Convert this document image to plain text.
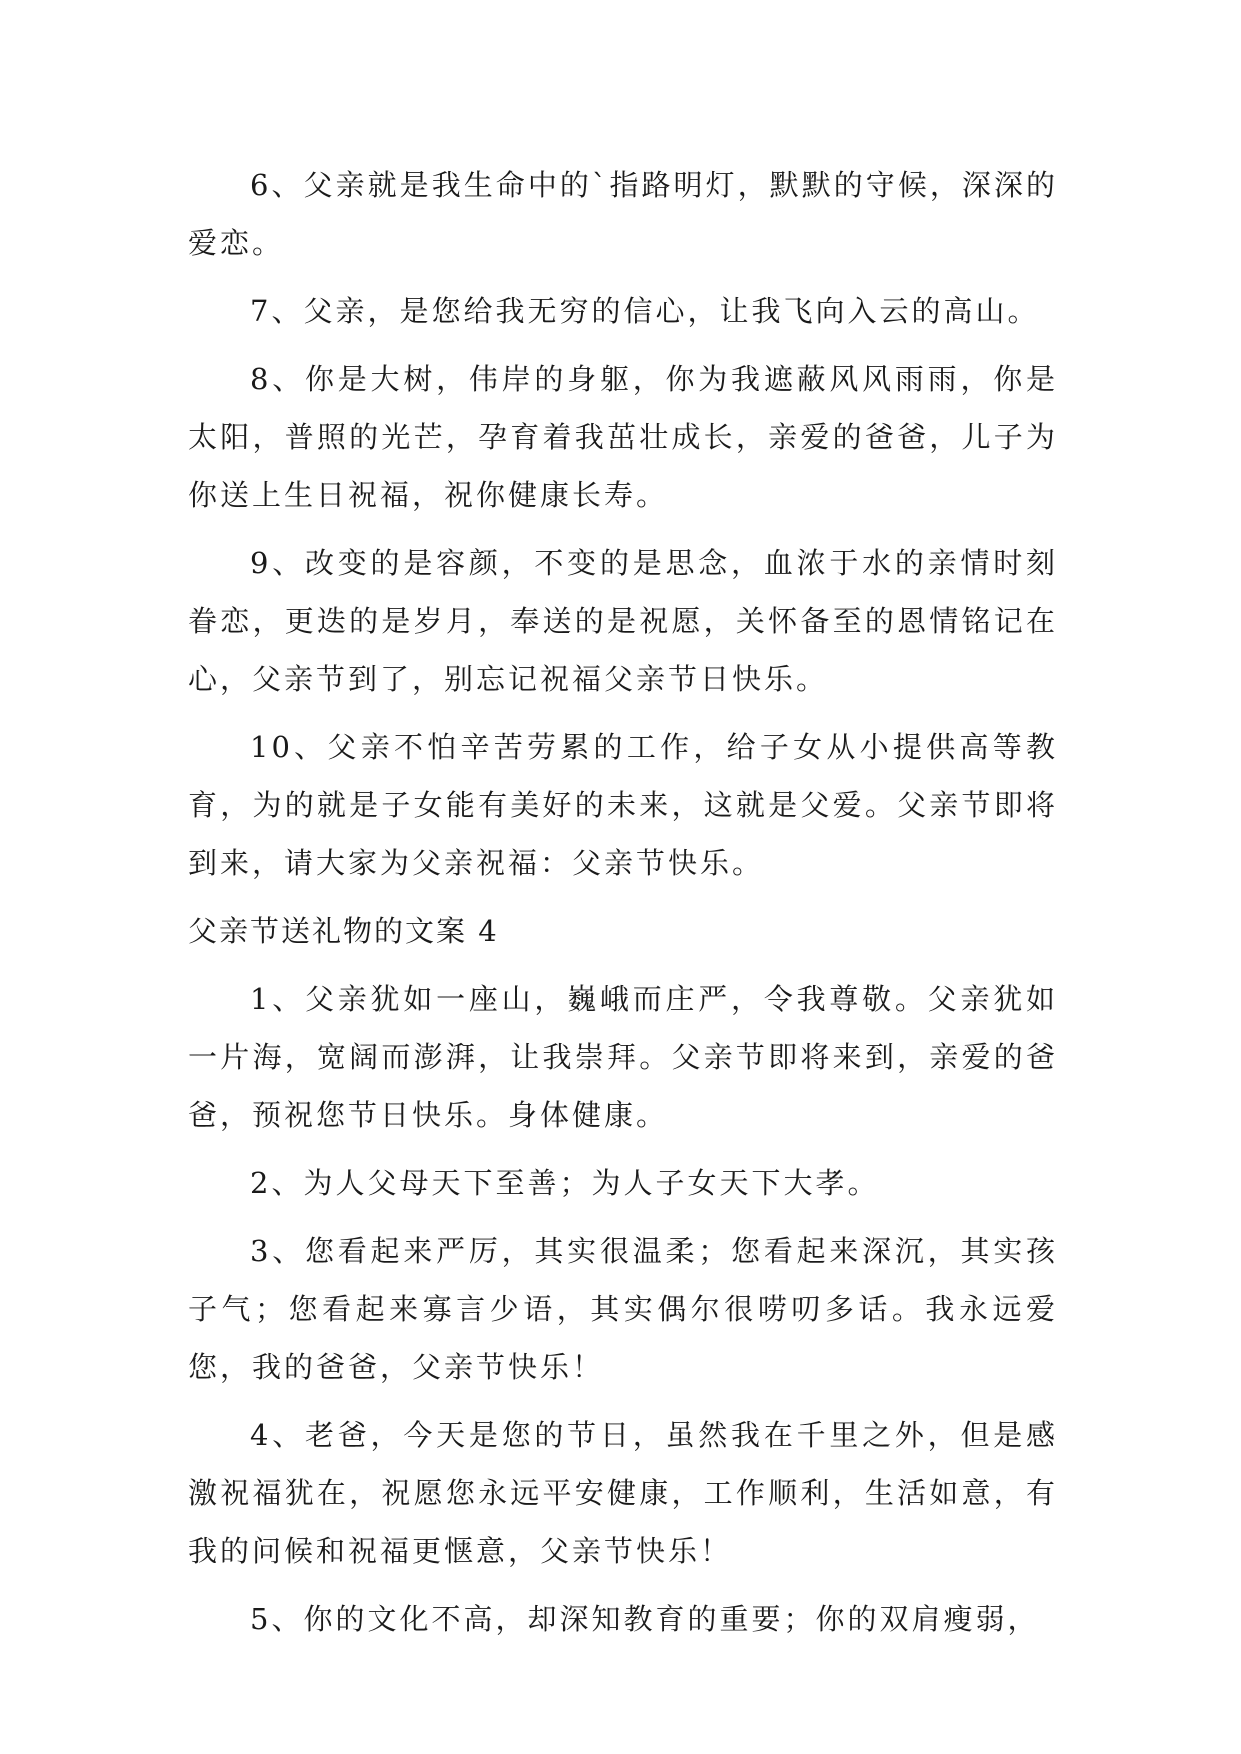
6、父亲就是我生命中的`指路明灯，默默的守候，深深的爱恋。

7、父亲，是您给我无穷的信心，让我飞向入云的高山。

8、你是大树，伟岸的身躯，你为我遮蔽风风雨雨，你是太阳，普照的光芒，孕育着我茁壮成长，亲爱的爸爸，儿子为你送上生日祝福，祝你健康长寿。

9、改变的是容颜，不变的是思念，血浓于水的亲情时刻眷恋，更迭的是岁月，奉送的是祝愿，关怀备至的恩情铭记在心，父亲节到了，别忘记祝福父亲节日快乐。

10、父亲不怕辛苦劳累的工作，给子女从小提供高等教育，为的就是子女能有美好的未来，这就是父爱。父亲节即将到来，请大家为父亲祝福：父亲节快乐。

父亲节送礼物的文案 4

1、父亲犹如一座山，巍峨而庄严，令我尊敬。父亲犹如一片海，宽阔而澎湃，让我崇拜。父亲节即将来到，亲爱的爸爸，预祝您节日快乐。身体健康。

2、为人父母天下至善；为人子女天下大孝。

3、您看起来严厉，其实很温柔；您看起来深沉，其实孩子气；您看起来寡言少语，其实偶尔很唠叨多话。我永远爱您，我的爸爸，父亲节快乐！

4、老爸，今天是您的节日，虽然我在千里之外，但是感激祝福犹在，祝愿您永远平安健康，工作顺利，生活如意，有我的问候和祝福更惬意，父亲节快乐！

5、你的文化不高，却深知教育的重要；你的双肩瘦弱，
